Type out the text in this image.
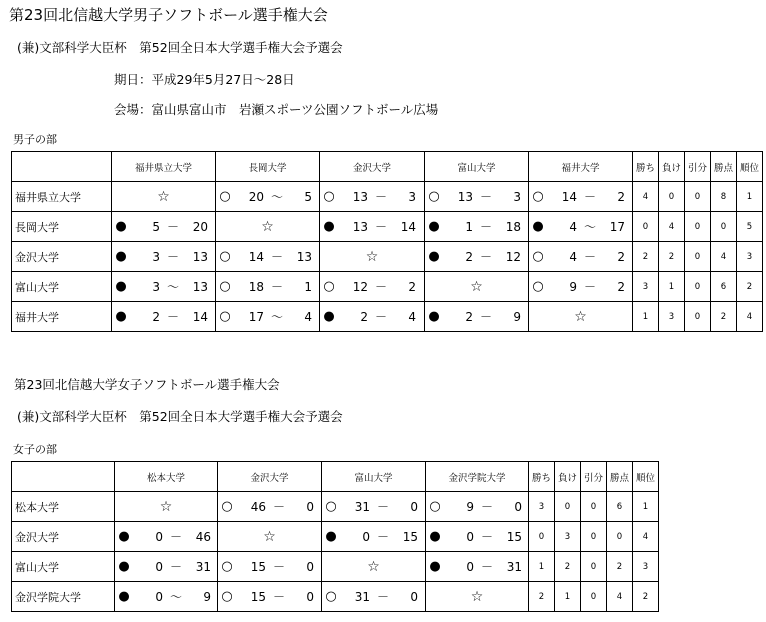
第23回北信越大学男子ソフトボール選手権大会
(兼)文部科学大臣杯　第52回全日本大学選手権大会予選会
期日：平成29年5月27日～28日
会場：富山県富山市　岩瀬スポーツ公園ソフトボール広場
男子の部
	福井県立大学	長岡大学	金沢大学	富山大学	福井大学	勝ち	負け	引分	勝点	順位
福井県立大学	☆	○ 20 ～ 5	○ 13 － 3	○ 13 － 3	○ 14 － 2	4	0	0	8	1
長岡大学	● 5 － 20	☆	● 13 － 14	● 1 － 18	● 4 ～ 17	0	4	0	0	5
金沢大学	● 3 － 13	○ 14 － 13	☆	● 2 － 12	○ 4 － 2	2	2	0	4	3
富山大学	● 3 ～ 13	○ 18 － 1	○ 12 － 2	☆	○ 9 － 2	3	1	0	6	2
福井大学	● 2 － 14	○ 17 ～ 4	● 2 － 4	● 2 － 9	☆	1	3	0	2	4
第23回北信越大学女子ソフトボール選手権大会
(兼)文部科学大臣杯　第52回全日本大学選手権大会予選会
女子の部
	松本大学	金沢大学	富山大学	金沢学院大学	勝ち	負け	引分	勝点	順位
松本大学	☆	○ 46 － 0	○ 31 － 0	○ 9 － 0	3	0	0	6	1
金沢大学	● 0 － 46	☆	● 0 － 15	● 0 － 15	0	3	0	0	4
富山大学	● 0 － 31	○ 15 － 0	☆	● 0 － 31	1	2	0	2	3
金沢学院大学	● 0 ～ 9	○ 15 － 0	○ 31 － 0	☆	2	1	0	4	2
